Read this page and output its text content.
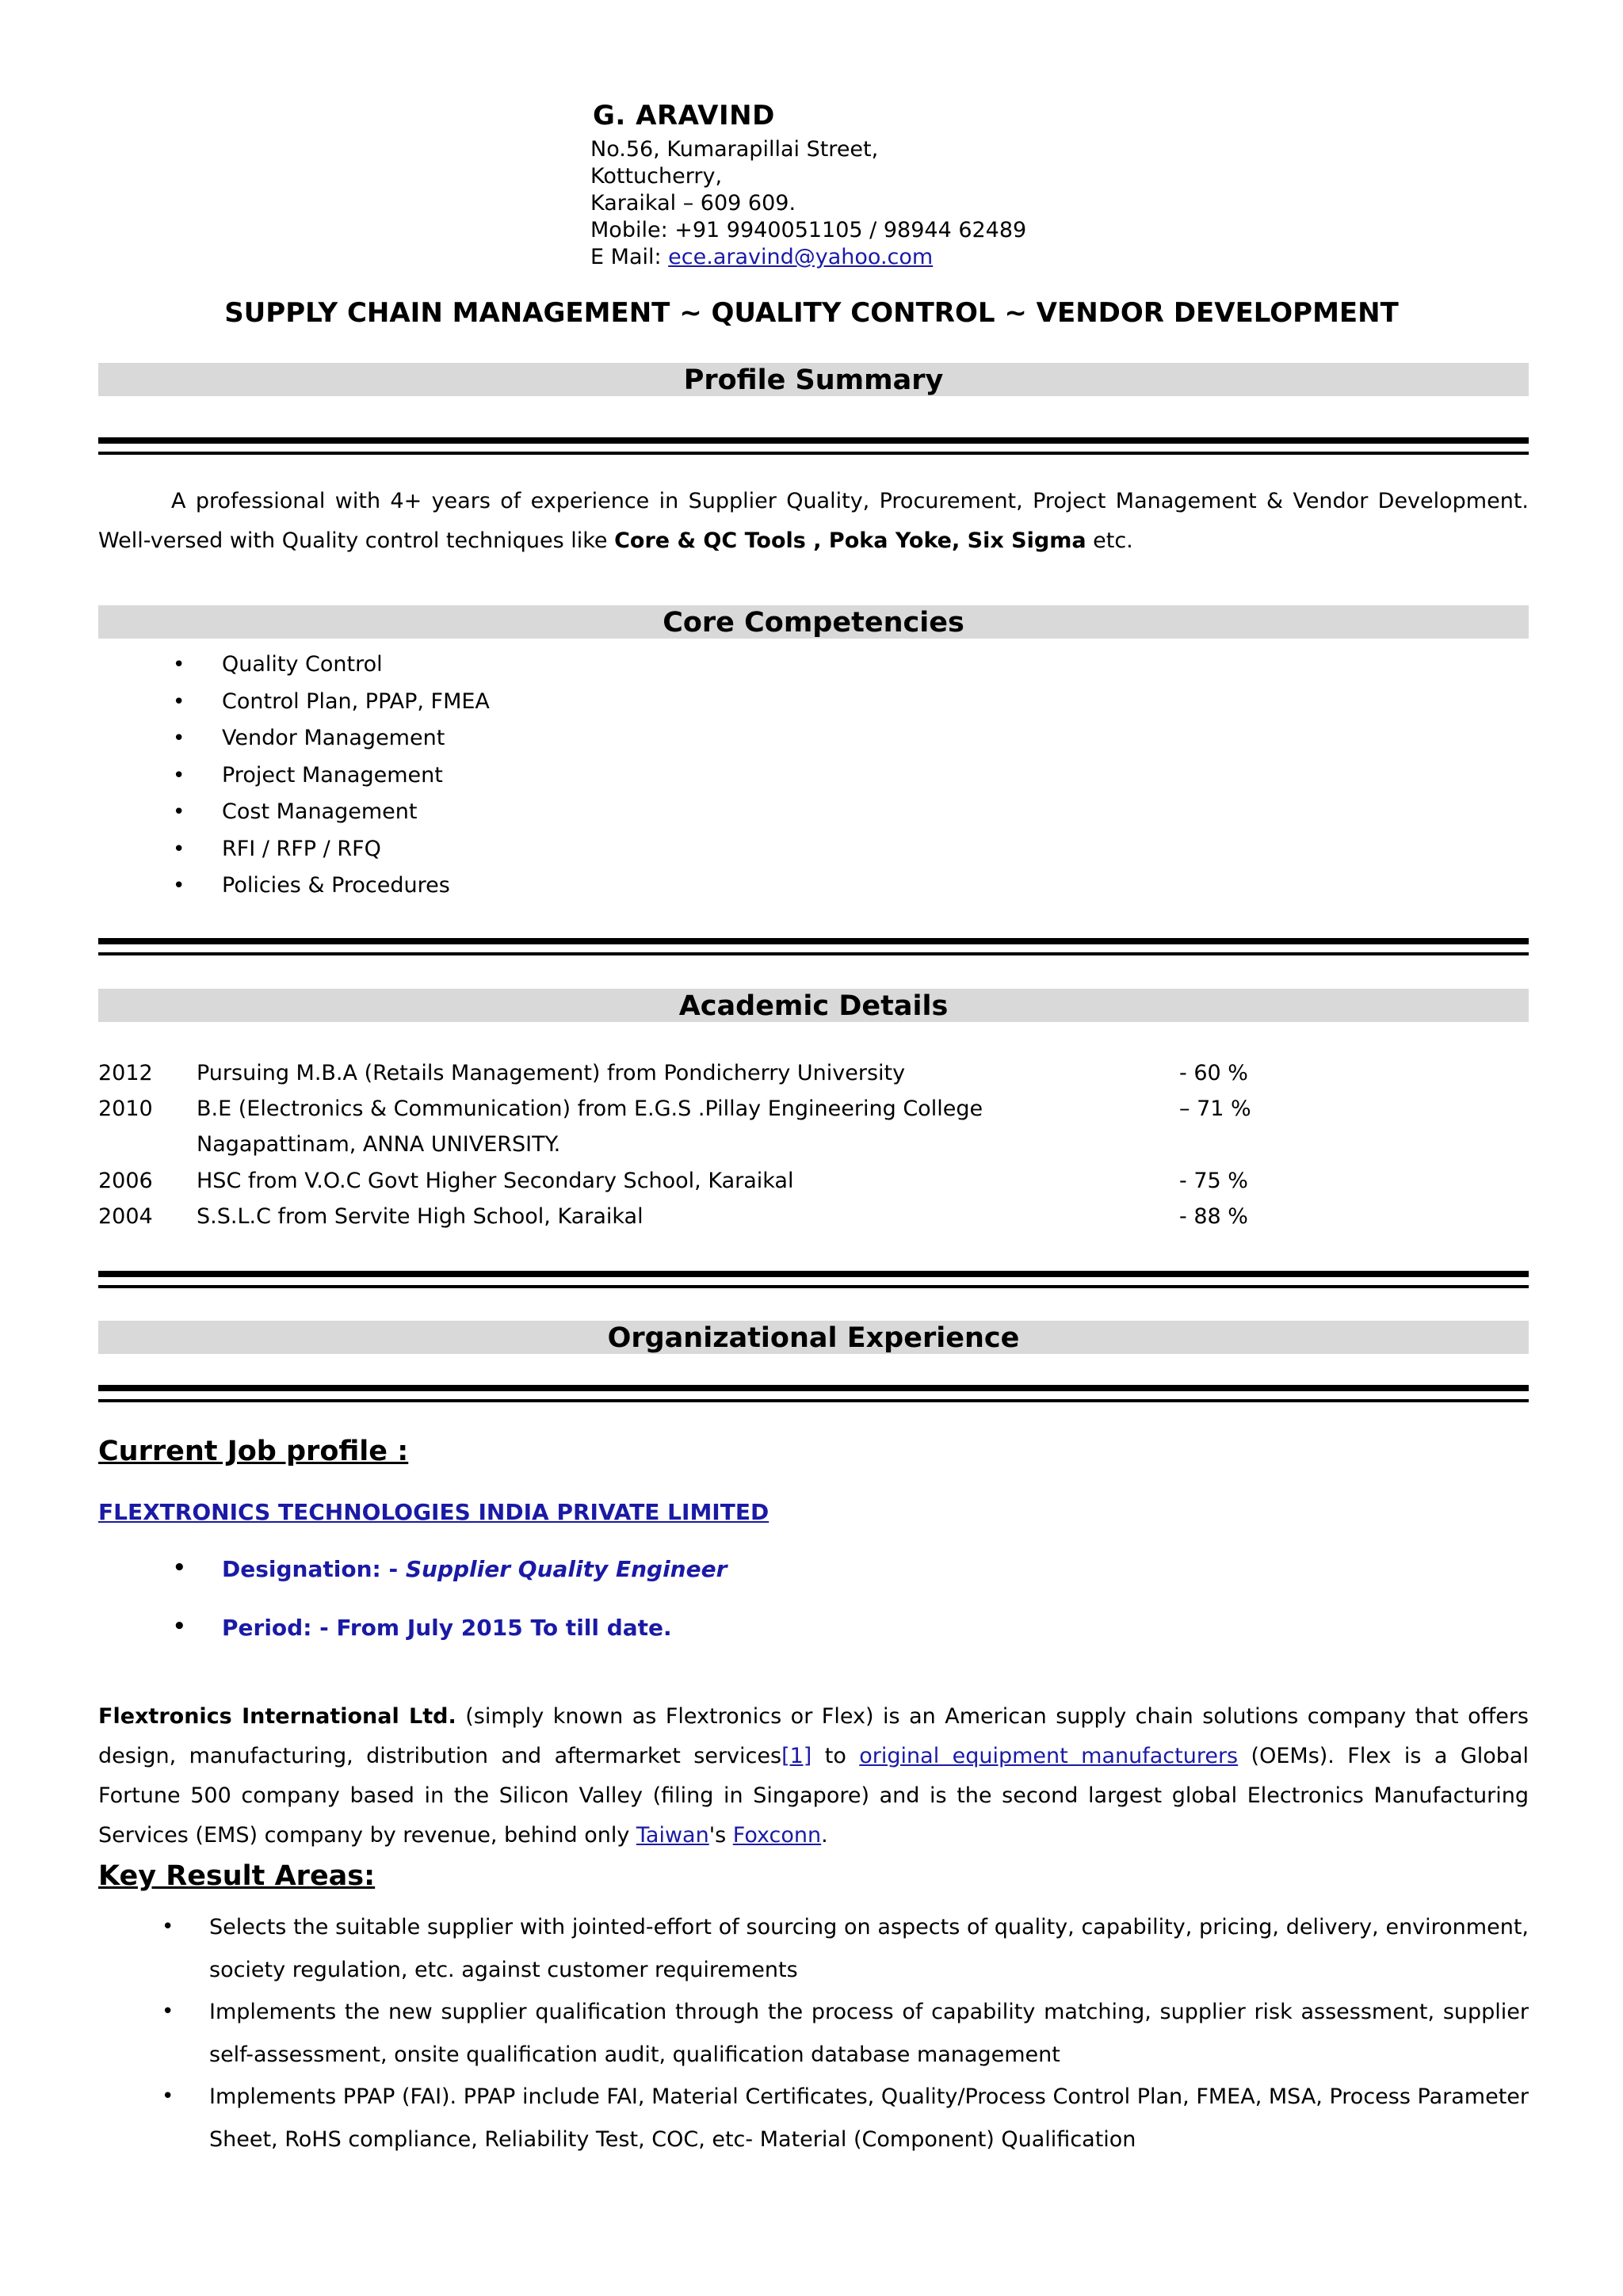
G. ARAVIND
No.56, Kumarapillai Street,
Kottucherry,
Karaikal – 609 609.
Mobile: +91 9940051105 / 98944 62489
E Mail: ece.aravind@yahoo.com
SUPPLY CHAIN MANAGEMENT ~ QUALITY CONTROL ~ VENDOR DEVELOPMENT
Profile Summary
A professional with 4+ years of experience in Supplier Quality, Procurement, Project Management & Vendor Development. Well-versed with Quality control techniques like Core & QC Tools , Poka Yoke, Six Sigma etc.
Core Competencies
• Quality Control
• Control Plan, PPAP, FMEA
• Vendor Management
• Project Management
• Cost Management
• RFI / RFP / RFQ
• Policies & Procedures
Academic Details
2012 Pursuing M.B.A (Retails Management) from Pondicherry University	- 60 %
2010 B.E (Electronics & Communication) from E.G.S .Pillay Engineering College	– 71 %
Nagapattinam, ANNA UNIVERSITY.
2006 HSC from V.O.C Govt Higher Secondary School, Karaikal	- 75 %
2004 S.S.L.C from Servite High School, Karaikal	- 88 %
Organizational Experience
Current Job profile :
FLEXTRONICS TECHNOLOGIES INDIA PRIVATE LIMITED
• Designation: - Supplier Quality Engineer
• Period: - From July 2015 To till date.
Flextronics International Ltd. (simply known as Flextronics or Flex) is an American supply chain solutions company that offers design, manufacturing, distribution and aftermarket services[1] to original equipment manufacturers (OEMs). Flex is a Global Fortune 500 company based in the Silicon Valley (filing in Singapore) and is the second largest global Electronics Manufacturing Services (EMS) company by revenue, behind only Taiwan's Foxconn.
Key Result Areas:
• Selects the suitable supplier with jointed-effort of sourcing on aspects of quality, capability, pricing, delivery, environment, society regulation, etc. against customer requirements
• Implements the new supplier qualification through the process of capability matching, supplier risk assessment, supplier self-assessment, onsite qualification audit, qualification database management
• Implements PPAP (FAI). PPAP include FAI, Material Certificates, Quality/Process Control Plan, FMEA, MSA, Process Parameter Sheet, RoHS compliance, Reliability Test, COC, etc- Material (Component) Qualification
